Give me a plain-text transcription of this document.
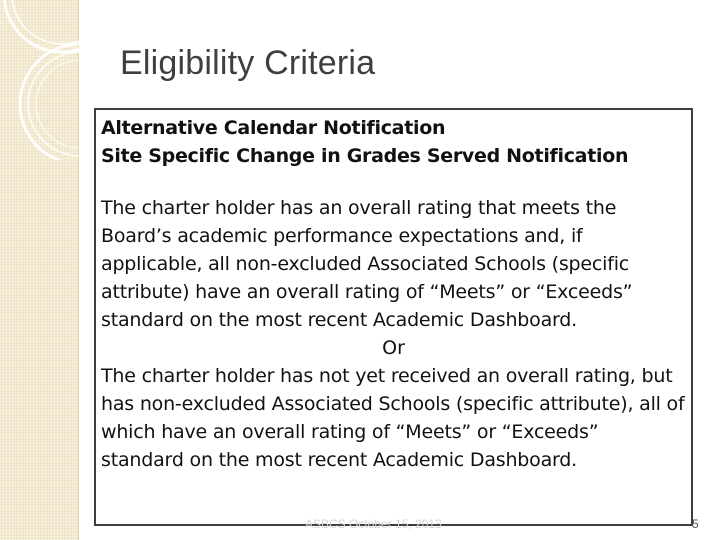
Eligibility Criteria

Alternative Calendar Notification

Site Specific Change in Grades Served Notification

The charter holder has an overall rating that meets the Board’s academic performance expectations and, if applicable, all non-excluded Associated Schools (specific attribute) have an overall rating of “Meets” or “Exceeds” standard on the most recent Academic Dashboard.

Or

The charter holder has not yet received an overall rating, but has non-excluded Associated Schools (specific attribute), all of which have an overall rating of “Meets” or “Exceeds” standard on the most recent Academic Dashboard.

ASBCS October 15, 2013	5
